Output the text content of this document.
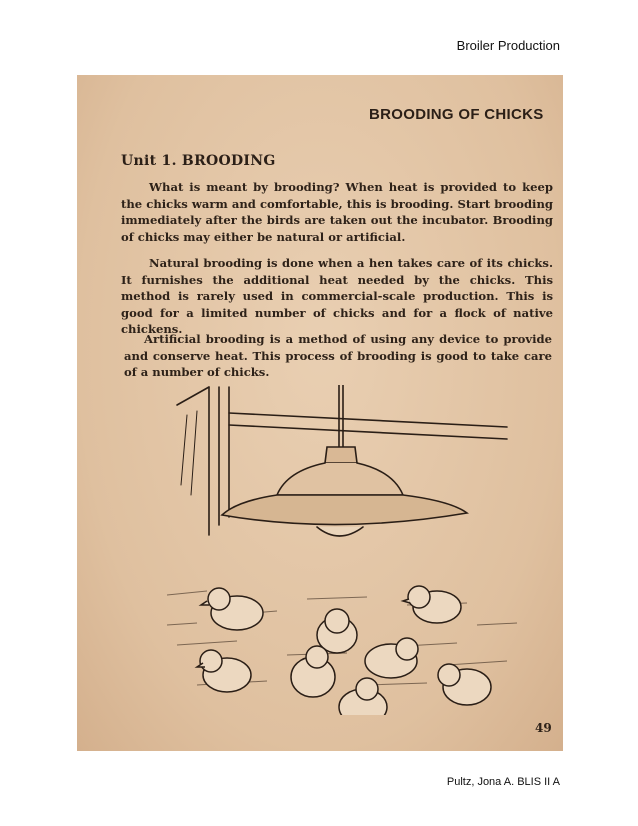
Broiler Production
BROODING OF CHICKS
Unit 1. BROODING
What is meant by brooding? When heat is provided to keep the chicks warm and comfortable, this is brooding. Start brooding immediately after the birds are taken out the incubator. Brooding of chicks may either be natural or artificial.
Natural brooding is done when a hen takes care of its chicks. It furnishes the additional heat needed by the chicks. This method is rarely used in commercial-scale production. This is good for a limited number of chicks and for a flock of native chickens.
Artificial brooding is a method of using any device to provide and conserve heat. This process of brooding is good to take care of a number of chicks.
49
Pultz, Jona A. BLIS II A
